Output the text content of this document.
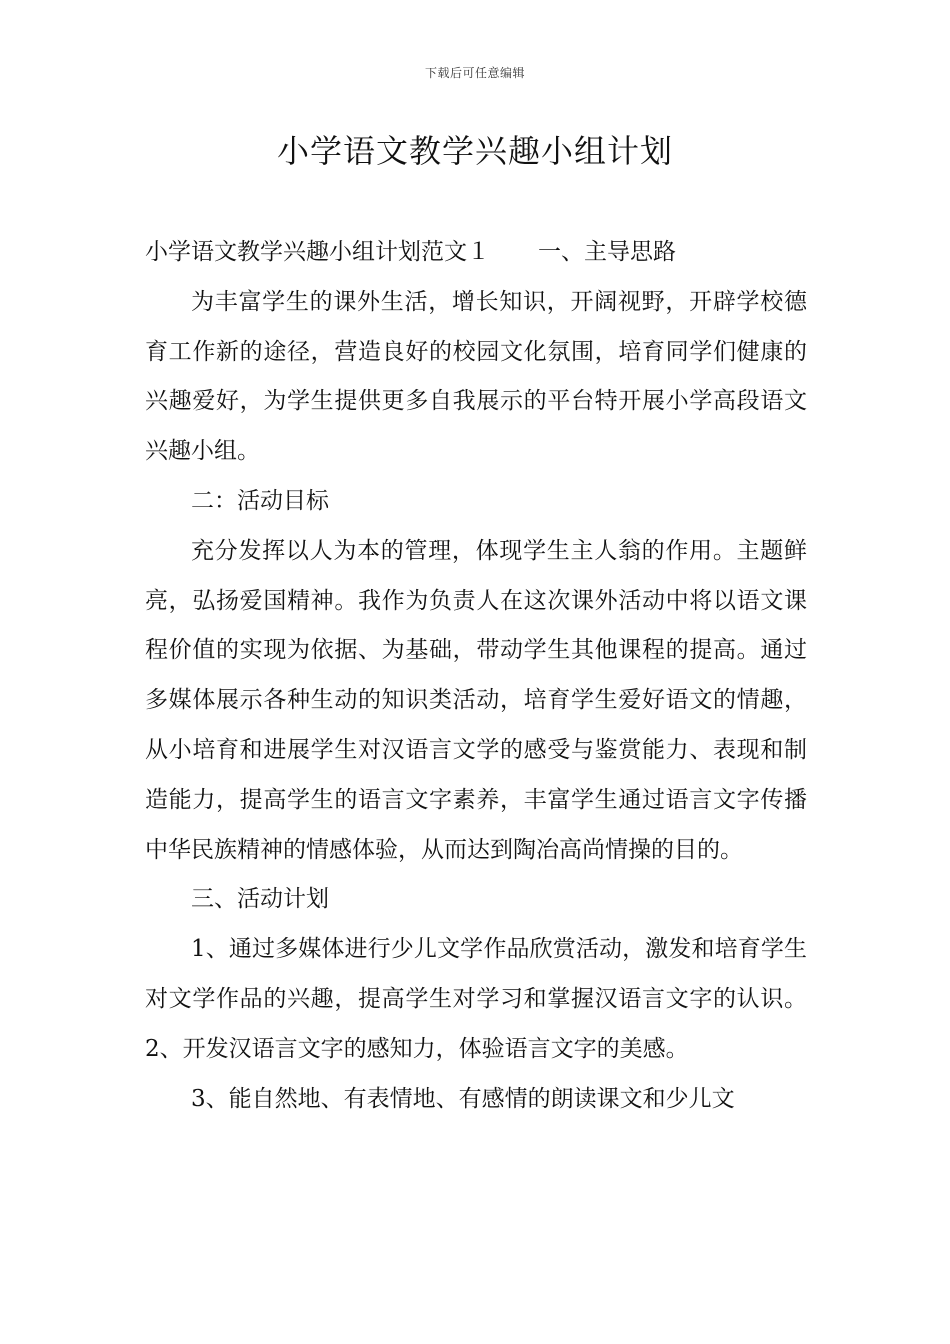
下载后可任意编辑
小学语文教学兴趣小组计划

小学语文教学兴趣小组计划范文１ 一、主导思路

为丰富学生的课外生活，增长知识，开阔视野，开辟学校德育工作新的途径，营造良好的校园文化氛围，培育同学们健康的兴趣爱好，为学生提供更多自我展示的平台特开展小学高段语文兴趣小组。

二：活动目标

充分发挥以人为本的管理，体现学生主人翁的作用。主题鲜亮，弘扬爱国精神。我作为负责人在这次课外活动中将以语文课程价值的实现为依据、为基础，带动学生其他课程的提高。通过多媒体展示各种生动的知识类活动，培育学生爱好语文的情趣，从小培育和进展学生对汉语言文学的感受与鉴赏能力、表现和制造能力，提高学生的语言文字素养，丰富学生通过语言文字传播中华民族精神的情感体验，从而达到陶冶高尚情操的目的。

三、活动计划

1、通过多媒体进行少儿文学作品欣赏活动，激发和培育学生对文学作品的兴趣，提高学生对学习和掌握汉语言文字的认识。2、开发汉语言文字的感知力，体验语言文字的美感。

3、能自然地、有表情地、有感情的朗读课文和少儿文
